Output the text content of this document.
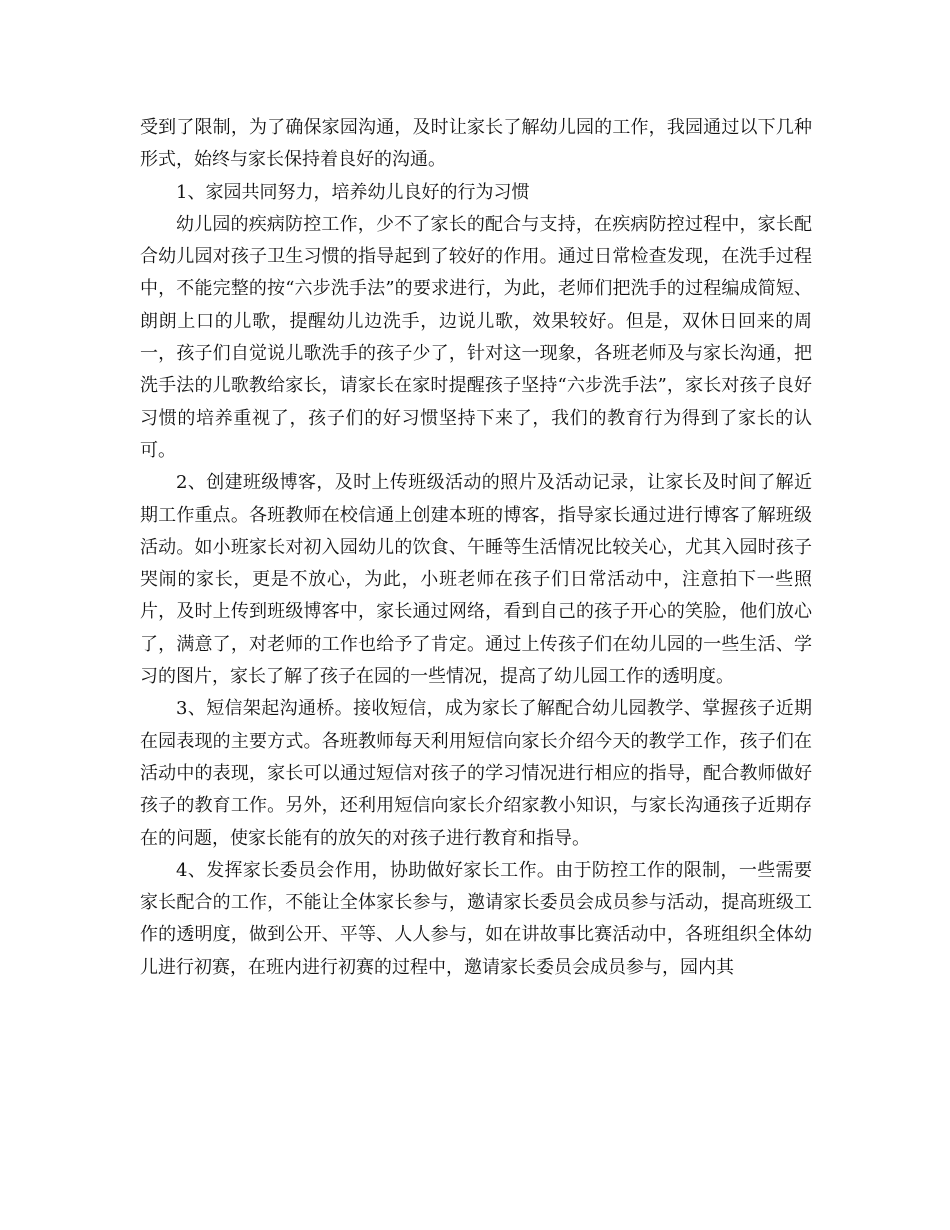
受到了限制，为了确保家园沟通，及时让家长了解幼儿园的工作，我园通过以下几种形式，始终与家长保持着良好的沟通。

1、家园共同努力，培养幼儿良好的行为习惯

幼儿园的疾病防控工作，少不了家长的配合与支持，在疾病防控过程中，家长配合幼儿园对孩子卫生习惯的指导起到了较好的作用。通过日常检查发现，在洗手过程中，不能完整的按“六步洗手法”的要求进行，为此，老师们把洗手的过程编成简短、朗朗上口的儿歌，提醒幼儿边洗手，边说儿歌，效果较好。但是，双休日回来的周一，孩子们自觉说儿歌洗手的孩子少了，针对这一现象，各班老师及与家长沟通，把洗手法的儿歌教给家长，请家长在家时提醒孩子坚持“六步洗手法”，家长对孩子良好习惯的培养重视了，孩子们的好习惯坚持下来了，我们的教育行为得到了家长的认可。

2、创建班级博客，及时上传班级活动的照片及活动记录，让家长及时间了解近期工作重点。各班教师在校信通上创建本班的博客，指导家长通过进行博客了解班级活动。如小班家长对初入园幼儿的饮食、午睡等生活情况比较关心，尤其入园时孩子哭闹的家长，更是不放心，为此，小班老师在孩子们日常活动中，注意拍下一些照片，及时上传到班级博客中，家长通过网络，看到自己的孩子开心的笑脸，他们放心了，满意了，对老师的工作也给予了肯定。通过上传孩子们在幼儿园的一些生活、学习的图片，家长了解了孩子在园的一些情况，提高了幼儿园工作的透明度。

3、短信架起沟通桥。接收短信，成为家长了解配合幼儿园教学、掌握孩子近期在园表现的主要方式。各班教师每天利用短信向家长介绍今天的教学工作，孩子们在活动中的表现，家长可以通过短信对孩子的学习情况进行相应的指导，配合教师做好孩子的教育工作。另外，还利用短信向家长介绍家教小知识，与家长沟通孩子近期存在的问题，使家长能有的放矢的对孩子进行教育和指导。

4、发挥家长委员会作用，协助做好家长工作。由于防控工作的限制，一些需要家长配合的工作，不能让全体家长参与，邀请家长委员会成员参与活动，提高班级工作的透明度，做到公开、平等、人人参与，如在讲故事比赛活动中，各班组织全体幼儿进行初赛，在班内进行初赛的过程中，邀请家长委员会成员参与，园内其
